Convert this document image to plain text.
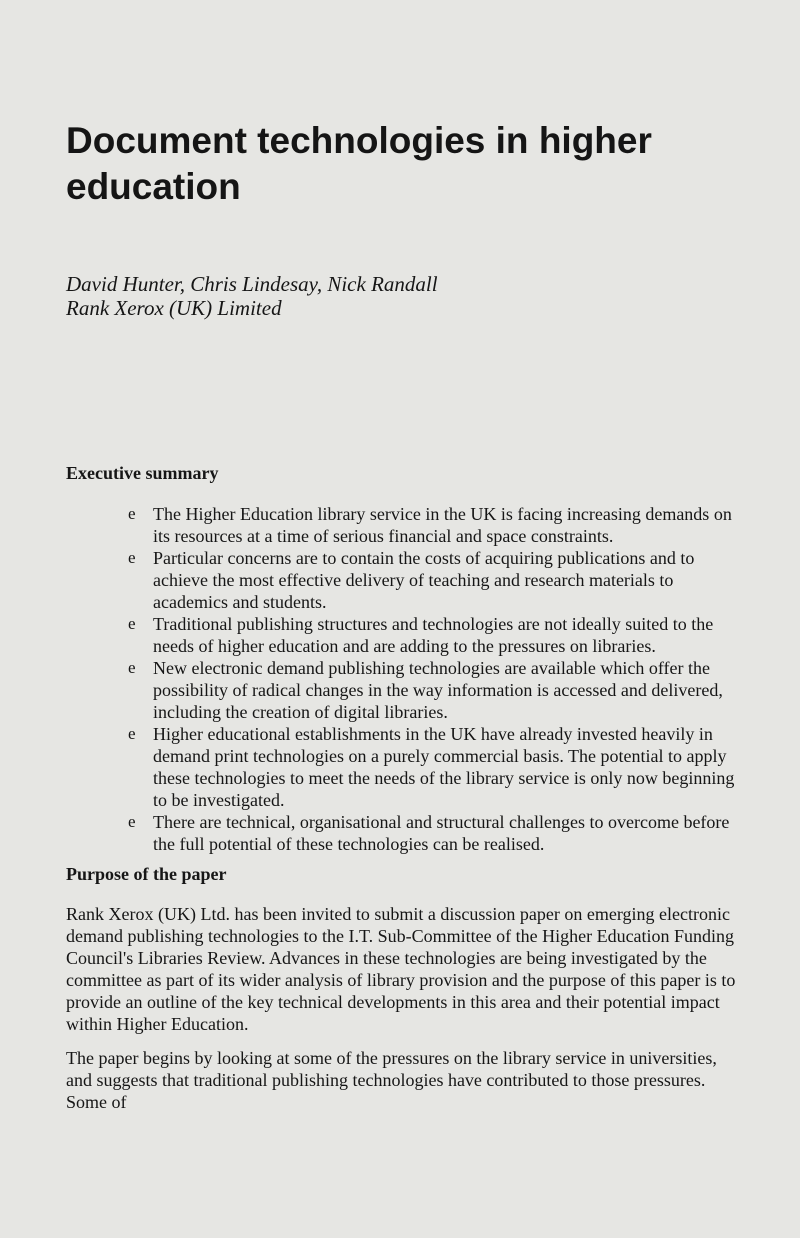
Document technologies in higher
education
David Hunter, Chris Lindesay, Nick Randall
Rank Xerox (UK) Limited
Executive summary
e The Higher Education library service in the UK is facing increasing demands on its resources at a time of serious financial and space constraints.
e Particular concerns are to contain the costs of acquiring publications and to achieve the most effective delivery of teaching and research materials to academics and students.
e Traditional publishing structures and technologies are not ideally suited to the needs of higher education and are adding to the pressures on libraries.
e New electronic demand publishing technologies are available which offer the possibility of radical changes in the way information is accessed and delivered, including the creation of digital libraries.
e Higher educational establishments in the UK have already invested heavily in demand print technologies on a purely commercial basis. The potential to apply these technologies to meet the needs of the library service is only now beginning to be investigated.
e There are technical, organisational and structural challenges to overcome before the full potential of these technologies can be realised.
Purpose of the paper

Rank Xerox (UK) Ltd. has been invited to submit a discussion paper on emerging electronic demand publishing technologies to the I.T. Sub-Committee of the Higher Education Funding Council's Libraries Review. Advances in these technologies are being investigated by the committee as part of its wider analysis of library provision and the purpose of this paper is to provide an outline of the key technical developments in this area and their potential impact within Higher Education.

The paper begins by looking at some of the pressures on the library service in universities, and suggests that traditional publishing technologies have contributed to those pressures. Some of
